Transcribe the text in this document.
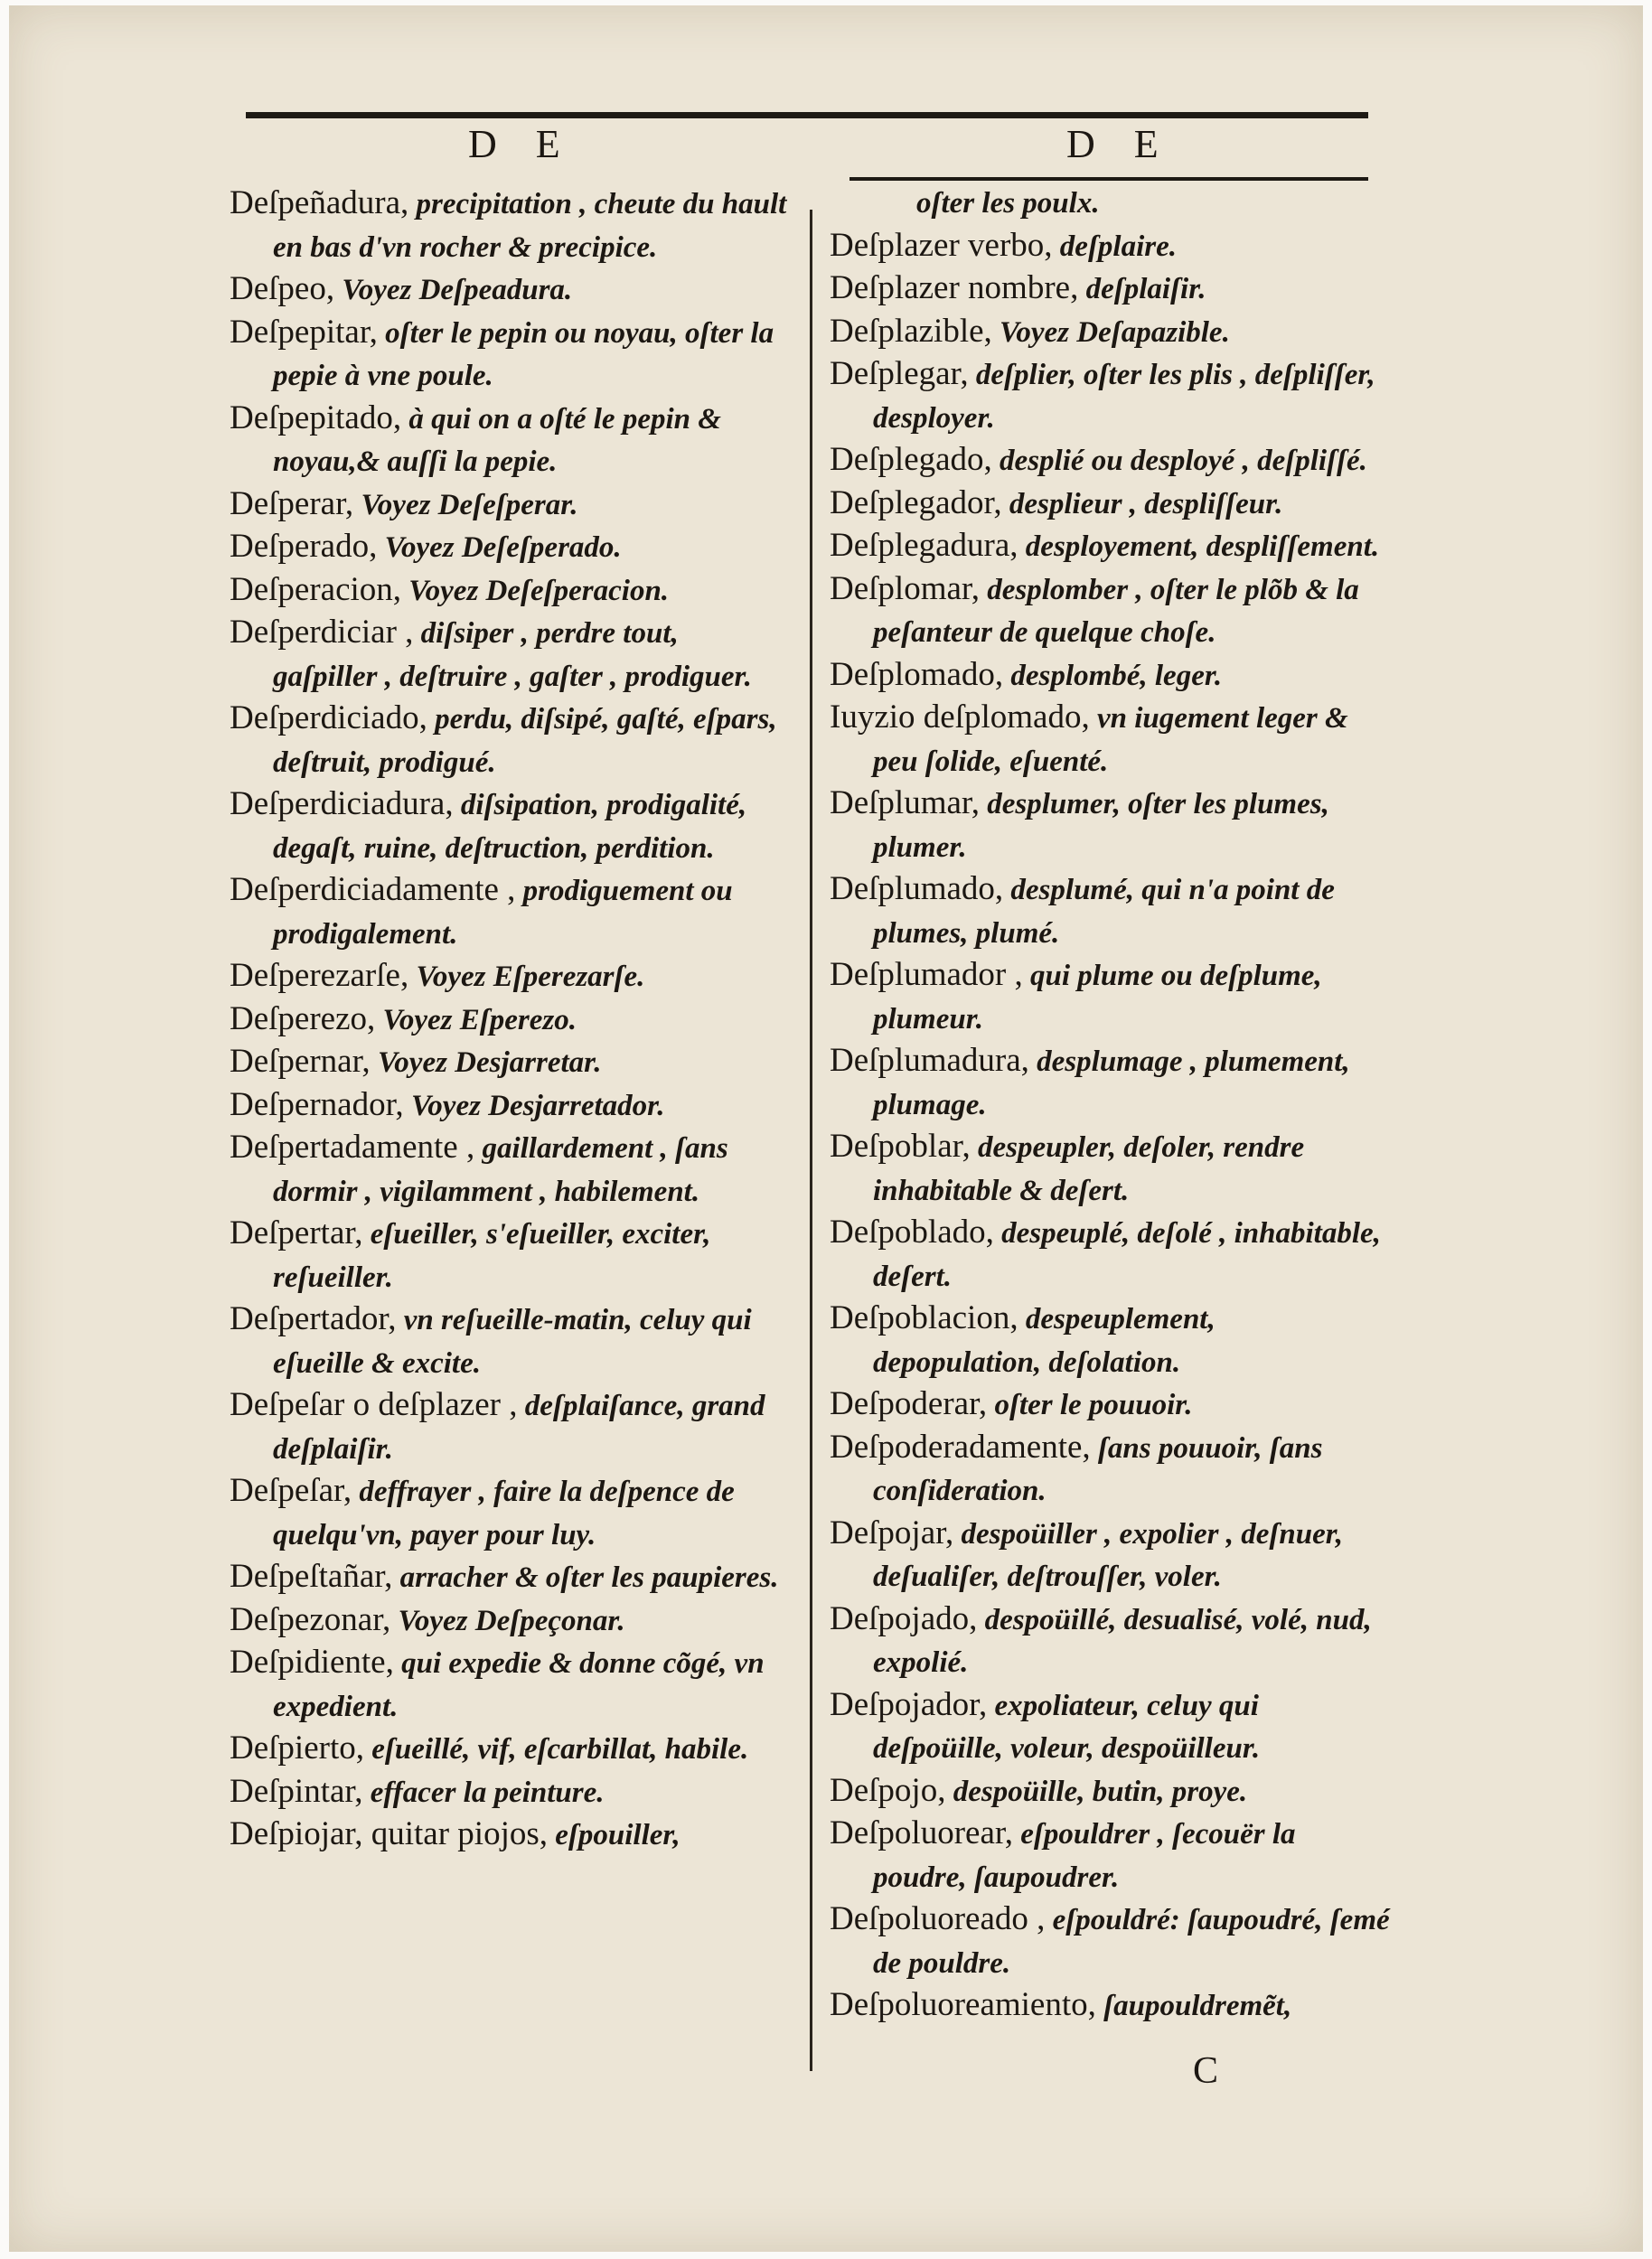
D E	D E
Deſpeñadura, precipitation , cheute du hault en bas d'vn rocher & precipice.
Deſpeo, Voyez Deſpeadura.
Deſpepitar, oſter le pepin ou noyau, oſter la pepie à vne poule.
Deſpepitado, à qui on a oſté le pepin & noyau,& auſſi la pepie.
Deſperar, Voyez Deſeſperar.
Deſperado, Voyez Deſeſperado.
Deſperacion, Voyez Deſeſperacion.
Deſperdiciar , diſsiper , perdre tout, gaſpiller , deſtruire , gaſter , prodiguer.
Deſperdiciado, perdu, diſsipé, gaſté, eſpars, deſtruit, prodigué.
Deſperdiciadura, diſsipation, prodigalité, degaſt, ruine, deſtruction, perdition.
Deſperdiciadamente , prodiguement ou prodigalement.
Deſperezarſe, Voyez Eſperezarſe.
Deſperezo, Voyez Eſperezo.
Deſpernar, Voyez Desjarretar.
Deſpernador, Voyez Desjarretador.
Deſpertadamente , gaillardement , ſans dormir , vigilamment , habilement.
Deſpertar, eſueiller, s'eſueiller, exciter, reſueiller.
Deſpertador, vn reſueille-matin, celuy qui eſueille & excite.
Deſpeſar o deſplazer , deſplaiſance, grand deſplaiſir.
Deſpeſar, deffrayer , faire la deſpence de quelqu'vn, payer pour luy.
Deſpeſtañar, arracher & oſter les paupieres.
Deſpezonar, Voyez Deſpeçonar.
Deſpidiente, qui expedie & donne cõgé, vn expedient.
Deſpierto, eſueillé, vif, eſcarbillat, habile.
Deſpintar, effacer la peinture.
Deſpiojar, quitar piojos, eſpouiller,
oſter les poulx.
Deſplazer verbo, deſplaire.
Deſplazer nombre, deſplaiſir.
Deſplazible, Voyez Deſapazible.
Deſplegar, deſplier, oſter les plis , deſpliſſer, desployer.
Deſplegado, desplié ou desployé , deſpliſſé.
Deſplegador, desplieur , despliſſeur.
Deſplegadura, desployement, despliſſement.
Deſplomar, desplomber , oſter le plõb & la peſanteur de quelque choſe.
Deſplomado, desplombé, leger.
Iuyzio deſplomado, vn iugement leger & peu ſolide, eſuenté.
Deſplumar, desplumer, oſter les plumes, plumer.
Deſplumado, desplumé, qui n'a point de plumes, plumé.
Deſplumador , qui plume ou deſplume, plumeur.
Deſplumadura, desplumage , plumement, plumage.
Deſpoblar, despeupler, deſoler, rendre inhabitable & deſert.
Deſpoblado, despeuplé, deſolé , inhabitable, deſert.
Deſpoblacion, despeuplement, depopulation, deſolation.
Deſpoderar, oſter le pouuoir.
Deſpoderadamente, ſans pouuoir, ſans conſideration.
Deſpojar, despoüiller , expolier , deſnuer, deſualiſer, deſtrouſſer, voler.
Deſpojado, despoüillé, desualisé, volé, nud, expolié.
Deſpojador, expoliateur, celuy qui deſpoüille, voleur, despoüilleur.
Deſpojo, despoüille, butin, proye.
Deſpoluorear, eſpouldrer , ſecouër la poudre, ſaupoudrer.
Deſpoluoreado , eſpouldré: ſaupoudré, ſemé de pouldre.
Deſpoluoreamiento, ſaupouldremẽt,
C
